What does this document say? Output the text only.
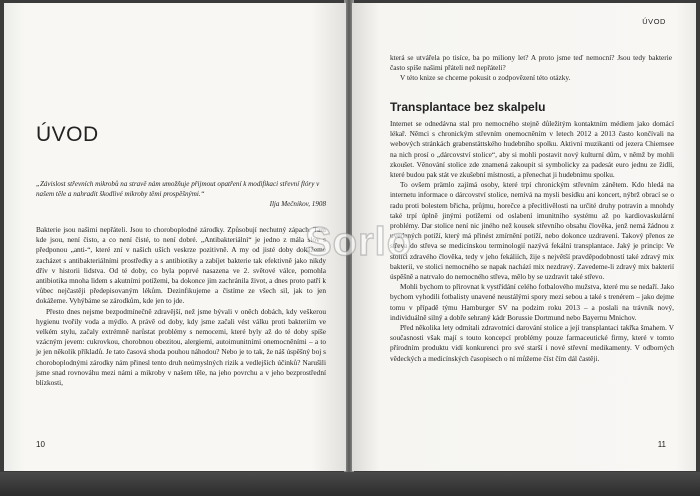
ÚVOD

„Závislost střevních mikrobů na stravě nám umožňuje přijmout opatření k modifikaci střevní flóry v našem těle a nahradit škodlivé mikroby těmi prospěšnými.“

Ilja Mečnikov, 1908

Bakterie jsou našimi nepřáteli. Jsou to choroboplodné zárodky. Způsobují nechutný zápach. Tam kde jsou, není čisto, a co není čisté, to není dobré. „Antibakteriální“ je jedno z mála slov s předponou „anti-“, které zní v našich uších veskrze pozitivně. A my od jisté doby dokážeme zacházet s antibakteriálními prostředky a s antibiotiky a zabíjet bakterie tak efektivně jako nikdy dřív v historii lidstva. Od té doby, co byla poprvé nasazena ve 2. světové válce, pomohla antibiotika mnoha lidem s akutními potížemi, ba dokonce jim zachránila život, a dnes proto patří k vůbec nejčastěji předepisovaným lékům. Dezinfikujeme a čistíme ze všech sil, jak to jen dokážeme. Vyhýbáme se zárodkům, kde jen to jde.

Přesto dnes nejsme bezpodmínečně zdravější, než jsme bývali v oněch dobách, kdy veškerou hygienu tvořily voda a mýdlo. A právě od doby, kdy jsme začali vést válku proti bakteriím ve velkém stylu, začaly extrémně narůstat problémy s nemocemi, které byly až do té doby spíše vzácným jevem: cukrovkou, chorobnou obezitou, alergiemi, autoimunitními onemocněními – a to je jen několik příkladů. Je tato časová shoda pouhou náhodou? Nebo je to tak, že náš úspěšný boj s choroboplodnými zárodky nám přinesl tento druh neúmyslných rizik a vedlejších účinků? Narušili jsme snad rovnováhu mezi námi a mikroby v našem těle, na jeho povrchu a v jeho bezprostřední blízkosti,

10
ÚVOD

která se utvářela po tisíce, ba po miliony let? A proto jsme teď nemocní? Jsou tedy bakterie často spíše našimi přáteli než nepřáteli?

V této knize se chceme pokusit o zodpovězení této otázky.

Transplantace bez skalpelu

Internet se odnedávna stal pro nemocného stejně důležitým kontaktním médiem jako domácí lékař. Němci s chronickým střevním onemocněním v letech 2012 a 2013 často končívali na webových stránkách grabenstättského hudebního spolku. Aktivní muzikanti od jezera Chiemsee na nich prosí o „dárcovství stolice“, aby si mohli postavit nový kulturní dům, v němž by mohli zkoušet. Věnování stolice zde znamená zakoupit si symbolicky za padesát euro jednu ze židlí, které budou pak stát ve zkušební místnosti, a přenechat ji hudebnímu spolku.

To ovšem prämlo zajímá osoby, které trpí chronickým střevním zánětem. Kdo hledá na internetu informace o dárcovství stolice, nemívá na mysli besídku ani koncert, nýbrž obrací se o radu proti bolestem břicha, průjmu, horečce a přecitlivělosti na určité druhy potravin a mnohdy také trpí úplně jinými potížemi od oslabení imunitního systému až po kardiovaskulární problémy. Dar stolice není nic jiného než kousek střevního obsahu člověka, jenž nemá žádnou z uvedených potíží, který má přinést zmírnění potíží, nebo dokonce uzdravení. Takový přenos ze střeva do střeva se medicínskou terminologií nazývá fekální transplantace. Jaký je princip: Ve stolici zdravého člověka, tedy v jeho fekáliích, žije s největší pravděpodobností také zdravý mix bakterií, ve stolici nemocného se napak nachází mix nezdravý. Zavedeme-li zdravý mix bakterií úspěšně a natrvalo do nemocného střeva, mělo by se uzdravit také střevo.

Mohli bychom to přirovnat k vystřídání celého fotbalového mužstva, které mu se nedaří. Jako bychom vyhodili fotbalisty unavené neustálými spory mezi sebou a také s trenérem – jako dejme tomu v případě týmu Hamburger SV na podzim roku 2013 – a poslali na trávník nový, individuálně silný a dobře sehraný kádr Borussie Dortmund nebo Bayernu Mnichov.

Před několika lety odmítali zdravotníci darování stolice a její transplantaci takřka šmahem. V současnosti však mají s touto koncepcí problémy pouze farmaceutické firmy, které v tomto přírodním produktu vidí konkurenci pro své starší i nové střevní medikamenty. V odborných vědeckých a medicínských časopisech o ní můžeme číst čím dál častěji.

11
Sorlo
